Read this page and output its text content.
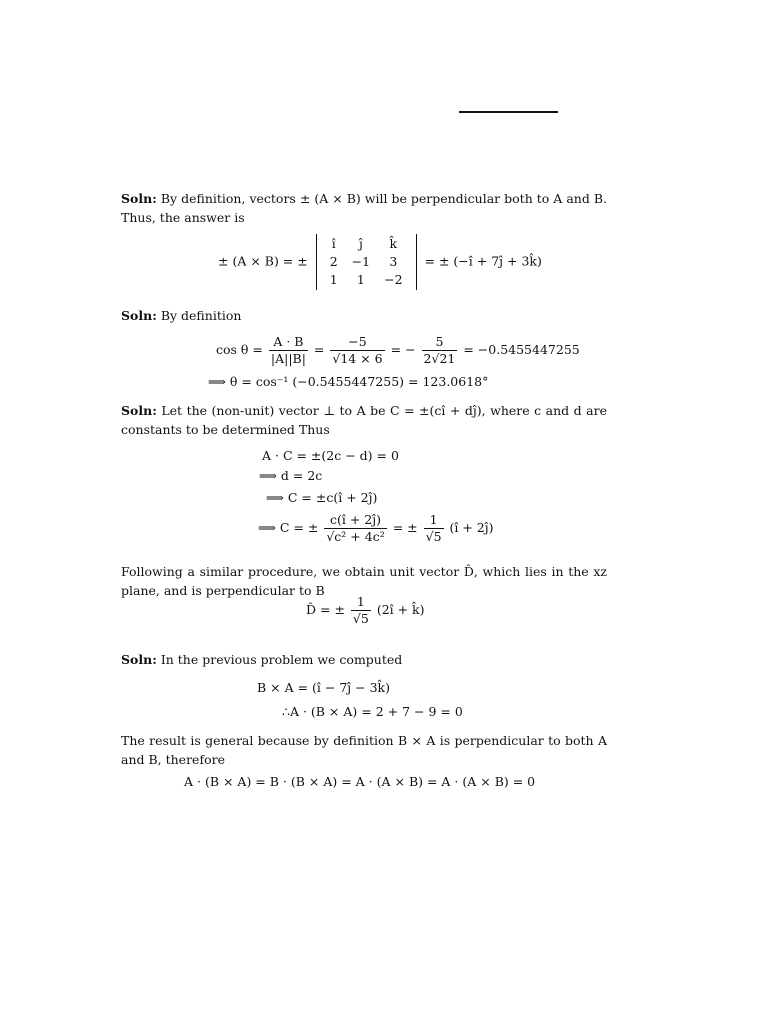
Soln: By definition, vectors ± (A × B) will be perpendicular both to A and B. Thus, the answer is
± (A × B) = ±
î	ĵ	k̂
2	−1	3
1	1	−2
= ± (−î + 7ĵ + 3k̂)
Soln: By definition
$\cos \theta = \frac{A \cdot B}{|A||B|} = \frac{-5}{√14 \times 6}$ = − $\frac{5}{2√21} = -0.5455447255$
⟹ θ = cos⁻¹ (−0.5455447255) = 123.0618°
Soln: Let the (non-unit) vector ⊥ to A be C = ±(cî + dĵ), where c and d are constants to be determined Thus
A · C = ±(2c − d) = 0
⟹ d = 2c
⟹ C = ±c(î + 2ĵ)
⟹ C = ± $\frac{c(î + 2ĵ)}{\text{√c² + 4c²}}$ = ± $\frac{1}{√5}$ (î + 2ĵ)
Following a similar procedure, we obtain unit vector D̂, which lies in the xz plane, and is perpendicular to B
D̂ = ± $\frac{1}{√5}$ (2î + k̂)
Soln: In the previous problem we computed
B × A = (î − 7ĵ − 3k̂)
∴A · (B × A) = 2 + 7 − 9 = 0
The result is general because by definition B × A is perpendicular to both A and B, therefore
A · (B × A) = B · (B × A) = A · (A × B) = A · (A × B) = 0
